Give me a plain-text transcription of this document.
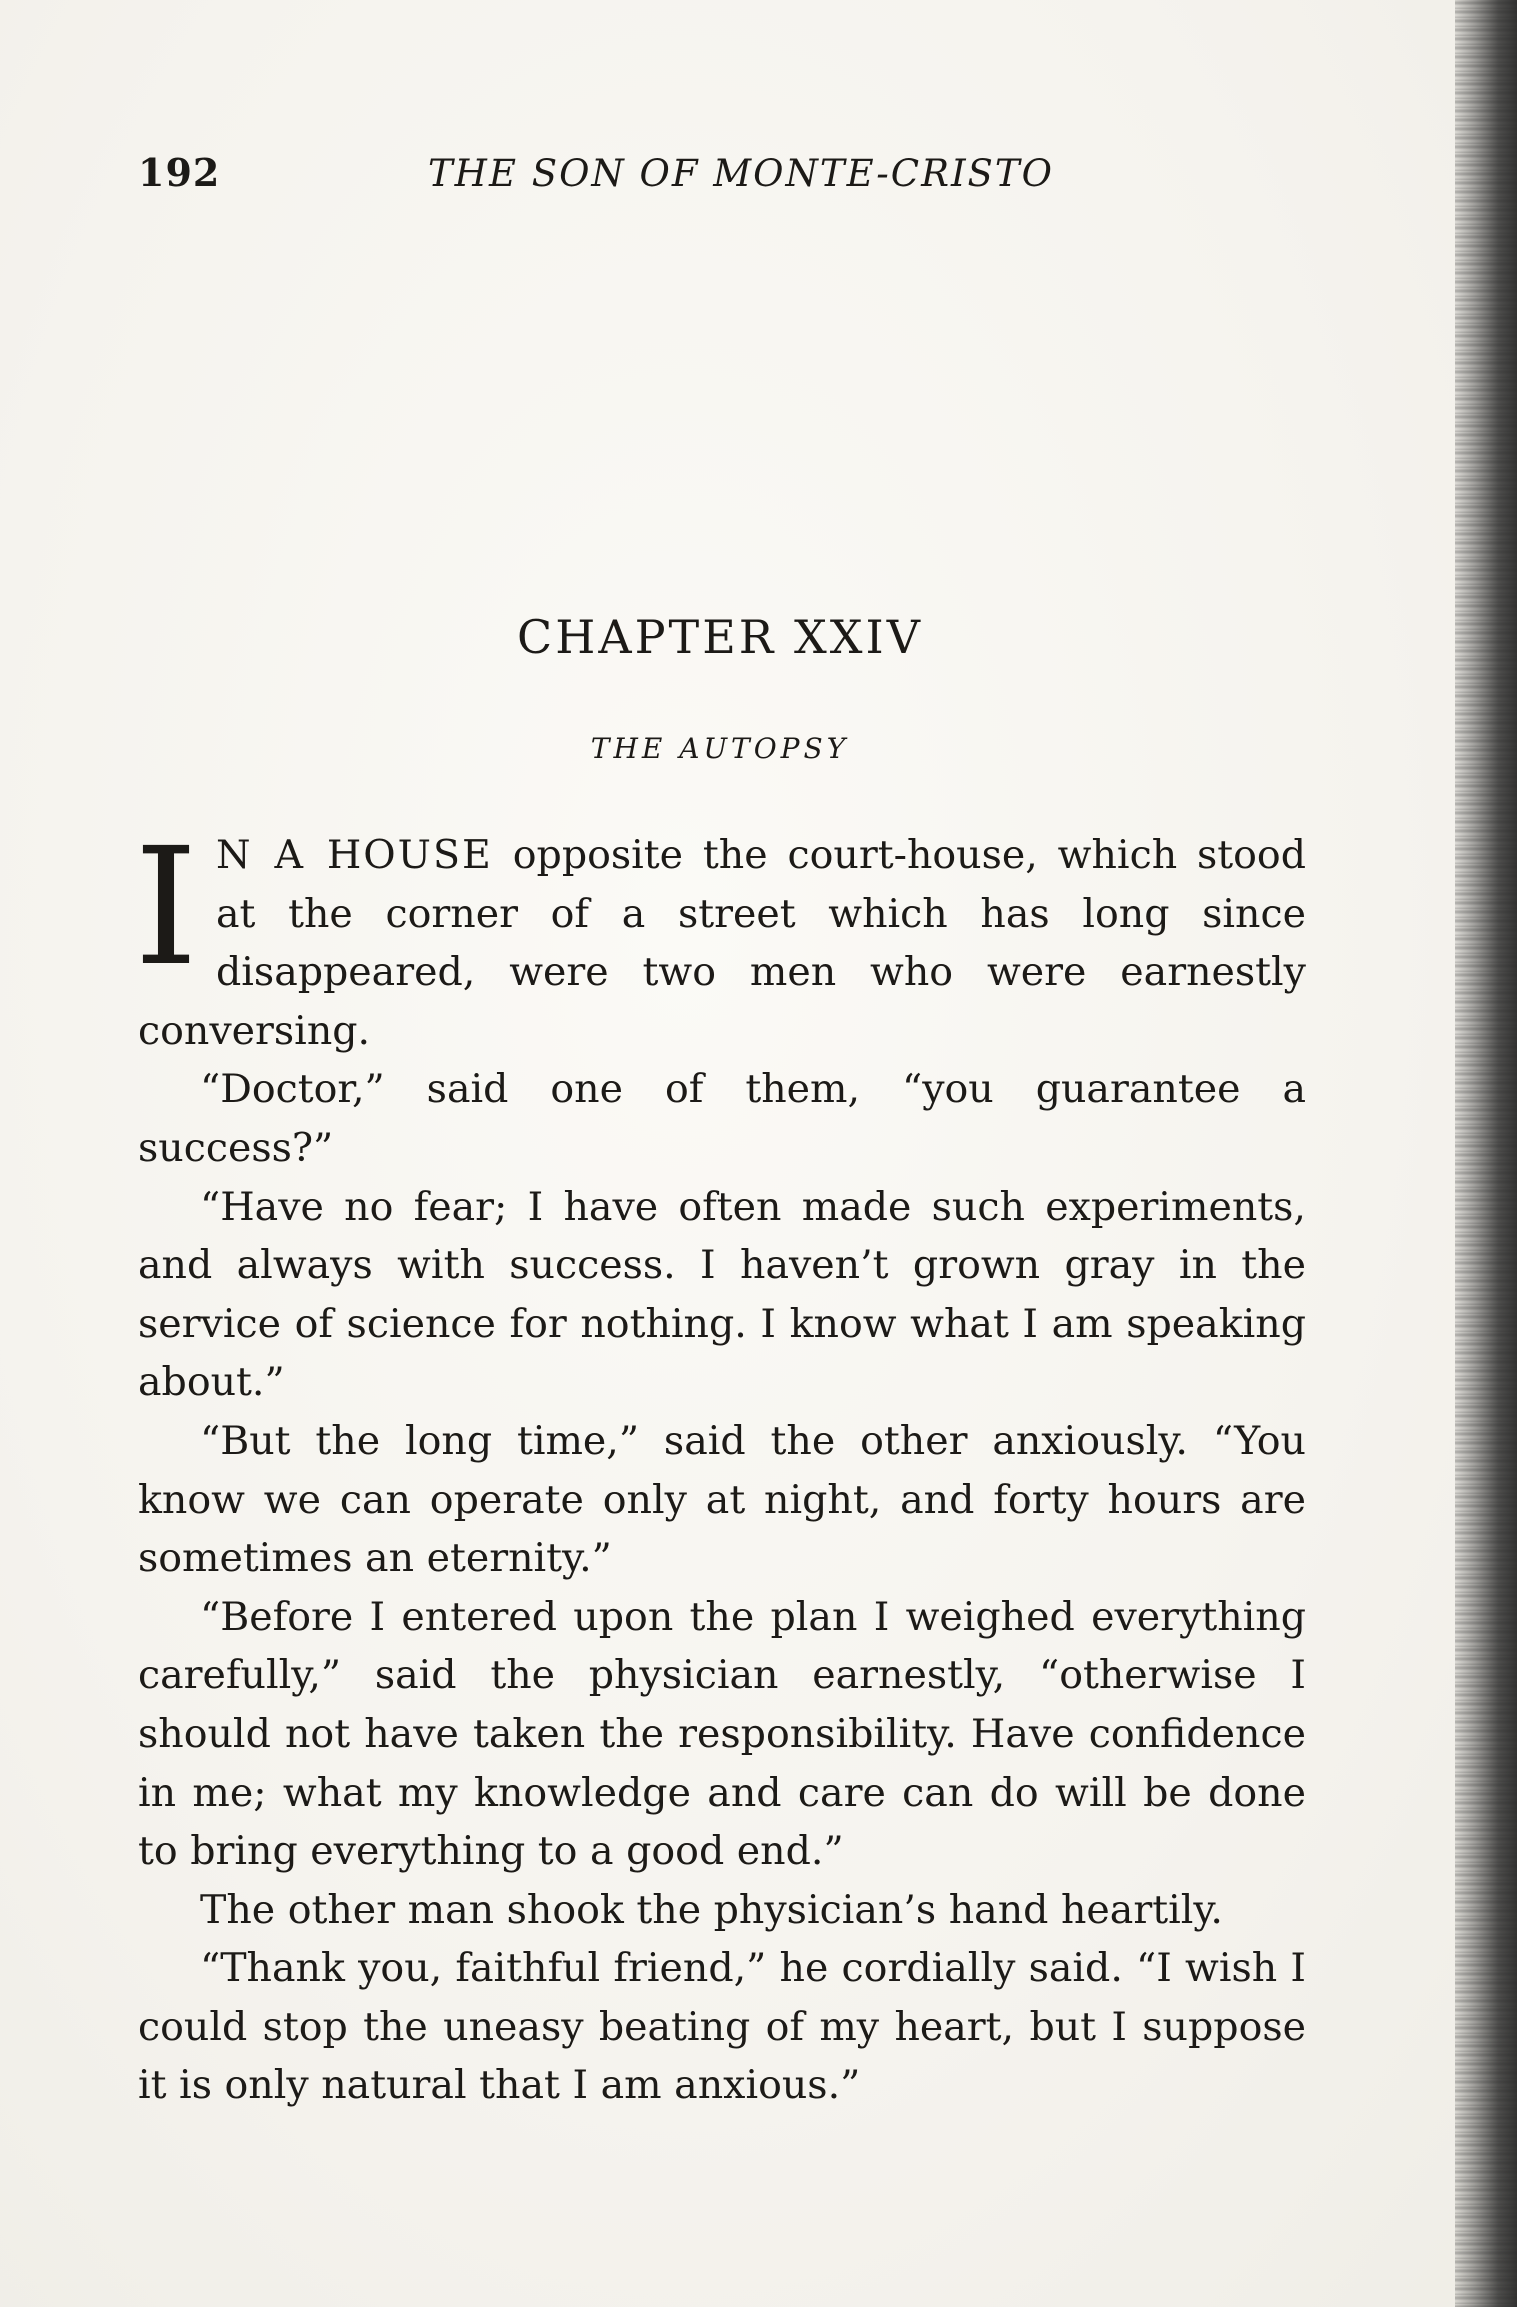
192	THE SON OF MONTE-CRISTO
CHAPTER XXIV
THE AUTOPSY

I N A HOUSE opposite the court-house, which stood at the corner of a street which has long since disappeared, were two men who were earnestly conversing.

“Doctor,” said one of them, “you guarantee a success?”

“Have no fear; I have often made such experiments, and always with success. I haven’t grown gray in the service of science for nothing. I know what I am speaking about.”

“But the long time,” said the other anxiously. “You know we can operate only at night, and forty hours are sometimes an eternity.”

“Before I entered upon the plan I weighed everything carefully,” said the physician earnestly, “otherwise I should not have taken the responsibility. Have confidence in me; what my knowledge and care can do will be done to bring everything to a good end.”

The other man shook the physician’s hand heartily.

“Thank you, faithful friend,” he cordially said. “I wish I could stop the uneasy beating of my heart, but I suppose it is only natural that I am anxious.”
